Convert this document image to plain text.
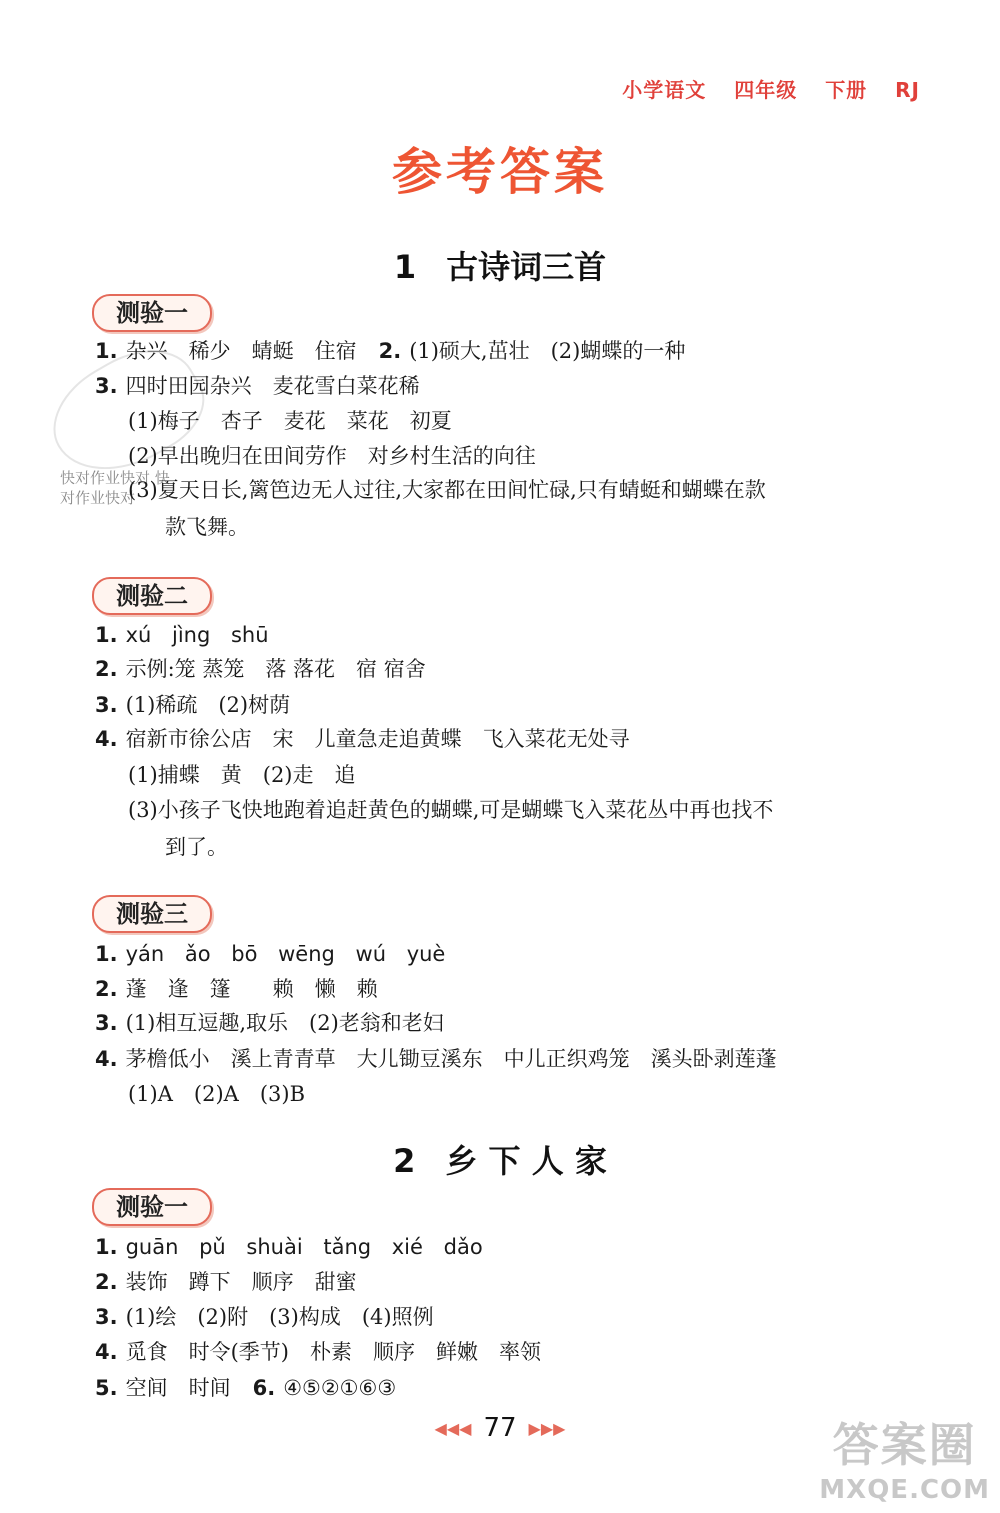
小学语文 四年级 下册 RJ
参考答案
1 古诗词三首
快对作业快对 快对作业快对
测验一
1. 杂兴　稀少　蜻蜓　住宿 2. (1)硕大,茁壮　(2)蝴蝶的一种
3. 四时田园杂兴　麦花雪白菜花稀
(1)梅子　杏子　麦花　菜花　初夏
(2)早出晚归在田间劳作　对乡村生活的向往
(3)夏天日长,篱笆边无人过往,大家都在田间忙碌,只有蜻蜓和蝴蝶在款
款飞舞。
测验二
1. xú jìng shū
2. 示例:笼 蒸笼　落 落花　宿 宿舍
3. (1)稀疏　(2)树荫
4. 宿新市徐公店　宋　儿童急走追黄蝶　飞入菜花无处寻
(1)捕蝶　黄　(2)走　追
(3)小孩子飞快地跑着追赶黄色的蝴蝶,可是蝴蝶飞入菜花丛中再也找不
到了。
测验三
1. yán ǎo bō wēng wú yuè
2. 蓬　逢　篷　　赖　懒　赖
3. (1)相互逗趣,取乐　(2)老翁和老妇
4. 茅檐低小　溪上青青草　大儿锄豆溪东　中儿正织鸡笼　溪头卧剥莲蓬
(1)A　(2)A　(3)B
2 乡 下 人 家
测验一
1. guān pǔ shuài tǎng xié dǎo
2. 装饰　蹲下　顺序　甜蜜
3. (1)绘　(2)附　(3)构成　(4)照例
4. 觅食　时令(季节)　朴素　顺序　鲜嫩　率领
5. 空间　时间 6. ④⑤②①⑥③
◀◀◀ 77 ▶▶▶	答案圈
MXQE.COM
